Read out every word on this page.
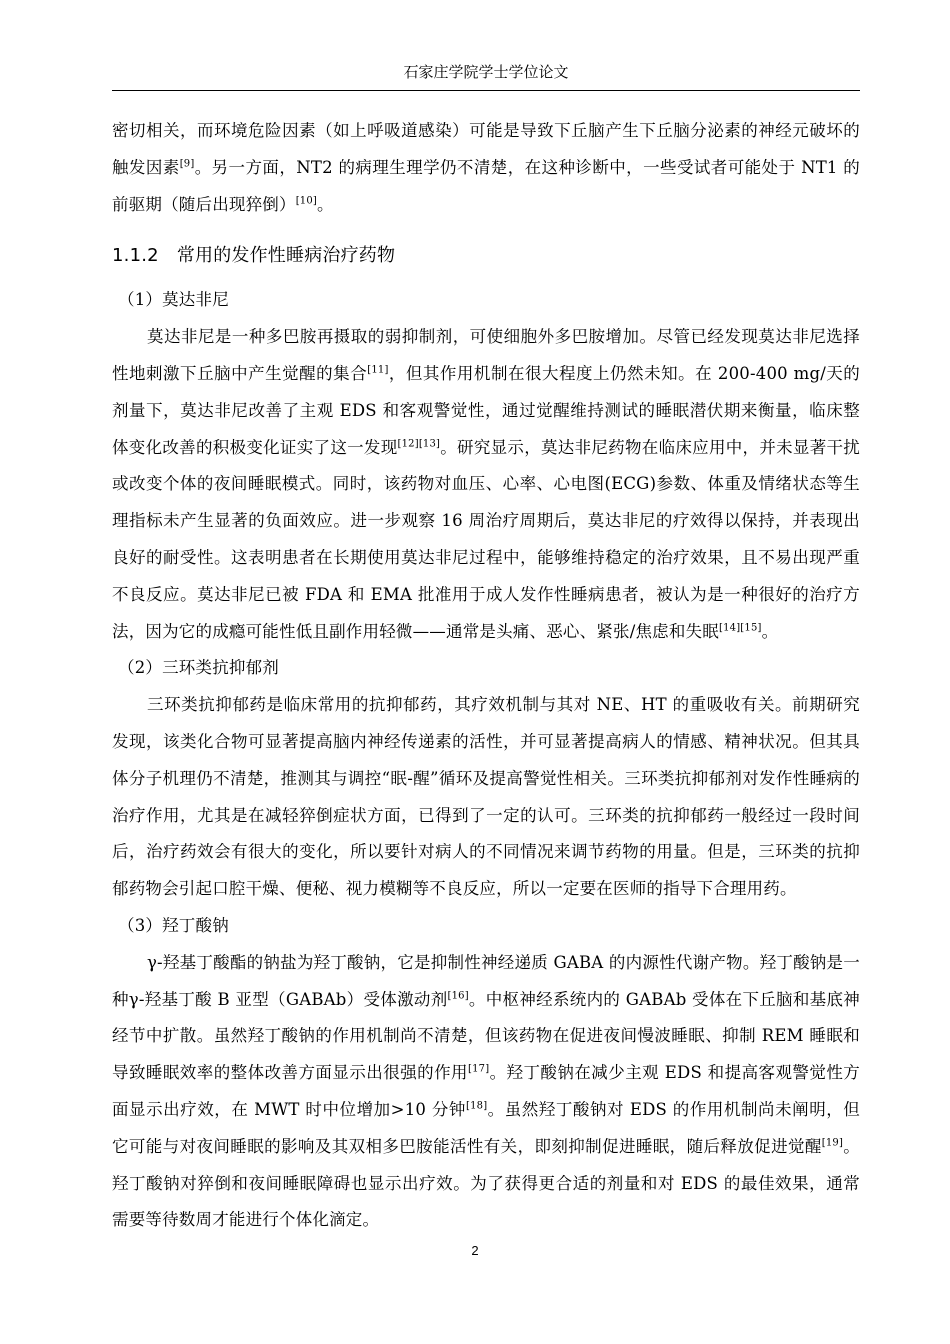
石家庄学院学士学位论文

密切相关，而环境危险因素（如上呼吸道感染）可能是导致下丘脑产生下丘脑分泌素的神经元破坏的触发因素[9]。另一方面，NT2 的病理生理学仍不清楚，在这种诊断中，一些受试者可能处于 NT1 的前驱期（随后出现猝倒）[10]。

1.1.2 常用的发作性睡病治疗药物

（1）莫达非尼

莫达非尼是一种多巴胺再摄取的弱抑制剂，可使细胞外多巴胺增加。尽管已经发现莫达非尼选择性地刺激下丘脑中产生觉醒的集合[11]，但其作用机制在很大程度上仍然未知。在 200-400 mg/天的剂量下，莫达非尼改善了主观 EDS 和客观警觉性，通过觉醒维持测试的睡眠潜伏期来衡量，临床整体变化改善的积极变化证实了这一发现[12][13]。研究显示，莫达非尼药物在临床应用中，并未显著干扰或改变个体的夜间睡眠模式。同时，该药物对血压、心率、心电图(ECG)参数、体重及情绪状态等生理指标未产生显著的负面效应。进一步观察 16 周治疗周期后，莫达非尼的疗效得以保持，并表现出良好的耐受性。这表明患者在长期使用莫达非尼过程中，能够维持稳定的治疗效果，且不易出现严重不良反应。莫达非尼已被 FDA 和 EMA 批准用于成人发作性睡病患者，被认为是一种很好的治疗方法，因为它的成瘾可能性低且副作用轻微——通常是头痛、恶心、紧张/焦虑和失眠[14][15]。

（2）三环类抗抑郁剂

三环类抗抑郁药是临床常用的抗抑郁药，其疗效机制与其对 NE、HT 的重吸收有关。前期研究发现，该类化合物可显著提高脑内神经传递素的活性，并可显著提高病人的情感、精神状况。但其具体分子机理仍不清楚，推测其与调控“眠-醒”循环及提高警觉性相关。三环类抗抑郁剂对发作性睡病的治疗作用，尤其是在减轻猝倒症状方面，已得到了一定的认可。三环类的抗抑郁药一般经过一段时间后，治疗药效会有很大的变化，所以要针对病人的不同情况来调节药物的用量。但是，三环类的抗抑郁药物会引起口腔干燥、便秘、视力模糊等不良反应，所以一定要在医师的指导下合理用药。

（3）羟丁酸钠

γ-羟基丁酸酯的钠盐为羟丁酸钠，它是抑制性神经递质 GABA 的内源性代谢产物。羟丁酸钠是一种γ-羟基丁酸 B 亚型（GABAb）受体激动剂[16]。中枢神经系统内的 GABAb 受体在下丘脑和基底神经节中扩散。虽然羟丁酸钠的作用机制尚不清楚，但该药物在促进夜间慢波睡眠、抑制 REM 睡眠和导致睡眠效率的整体改善方面显示出很强的作用[17]。羟丁酸钠在减少主观 EDS 和提高客观警觉性方面显示出疗效，在 MWT 时中位增加>10 分钟[18]。虽然羟丁酸钠对 EDS 的作用机制尚未阐明，但它可能与对夜间睡眠的影响及其双相多巴胺能活性有关，即刻抑制促进睡眠，随后释放促进觉醒[19]。羟丁酸钠对猝倒和夜间睡眠障碍也显示出疗效。为了获得更合适的剂量和对 EDS 的最佳效果，通常需要等待数周才能进行个体化滴定。

2
